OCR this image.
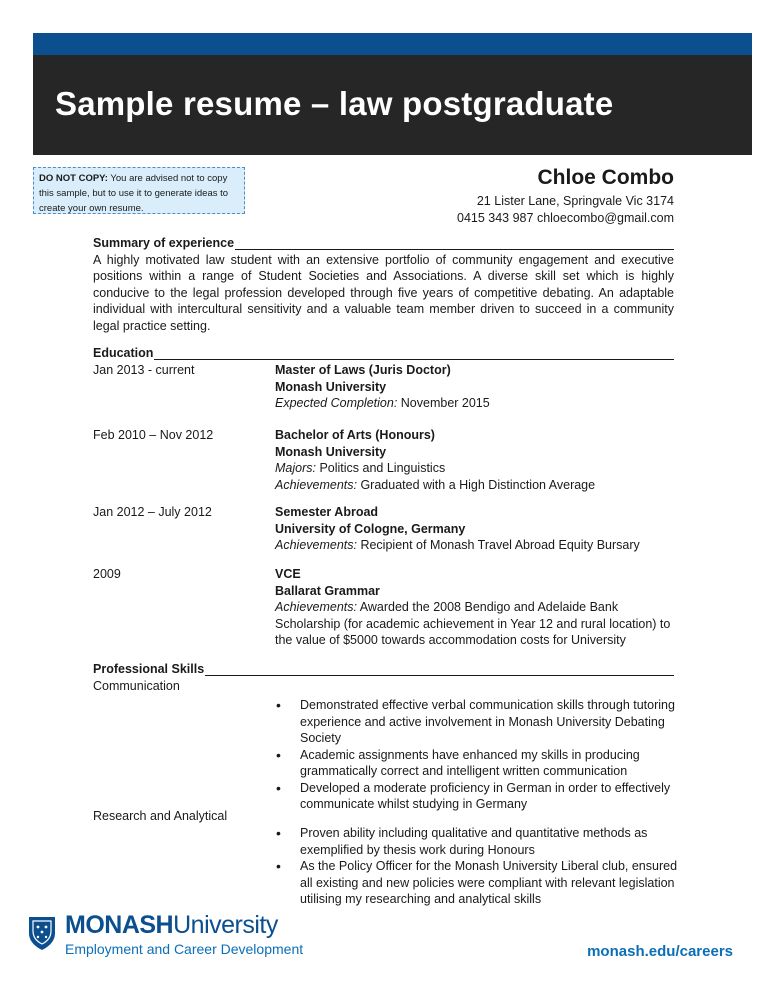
Sample resume – law postgraduate
DO NOT COPY: You are advised not to copy this sample, but to use it to generate ideas to create your own resume.
Chloe Combo
21 Lister Lane, Springvale Vic 3174
0415 343 987 chloecombo@gmail.com
Summary of experience
A highly motivated law student with an extensive portfolio of community engagement and executive positions within a range of Student Societies and Associations. A diverse skill set which is highly conducive to the legal profession developed through five years of competitive debating. An adaptable individual with intercultural sensitivity and a valuable team member driven to succeed in a community legal practice setting.
Education
Jan 2013 - current	Master of Laws (Juris Doctor)
Monash University
Expected Completion: November 2015
Feb 2010 – Nov 2012	Bachelor of Arts (Honours)
Monash University
Majors: Politics and Linguistics
Achievements: Graduated with a High Distinction Average
Jan 2012 – July 2012	Semester Abroad
University of Cologne, Germany
Achievements: Recipient of Monash Travel Abroad Equity Bursary
2009	VCE
Ballarat Grammar
Achievements: Awarded the 2008 Bendigo and Adelaide Bank Scholarship (for academic achievement in Year 12 and rural location) to the value of $5000 towards accommodation costs for University
Professional Skills
Communication
• Demonstrated effective verbal communication skills through tutoring experience and active involvement in Monash University Debating Society
• Academic assignments have enhanced my skills in producing grammatically correct and intelligent written communication
• Developed a moderate proficiency in German in order to effectively communicate whilst studying in Germany
Research and Analytical
• Proven ability including qualitative and quantitative methods as exemplified by thesis work during Honours
• As the Policy Officer for the Monash University Liberal club, ensured all existing and new policies were compliant with relevant legislation utilising my researching and analytical skills
MONASHUniversity
Employment and Career Development	monash.edu/careers
